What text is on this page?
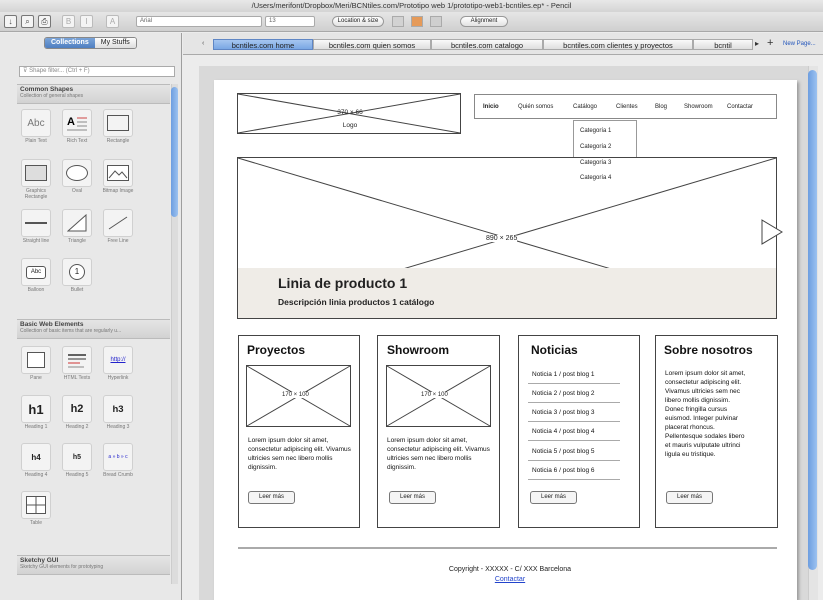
/Users/merifont/Dropbox/Meri/BCNtiles.com/Prototipo web 1/prototipo-web1-bcntiles.ep* - Pencil
↓	⌕	⎙	B	I	A	Arial	13	Location & size	Alignment
Collections	My Stuffs
⊽ Shape filter... (Ctrl + F)
Common Shapes
Collection of general shapes
Abc
Plain Text
A
Rich Text	Rectangle
Graphics Rectangle
Oval	Bitmap Image
Straight line	Triangle	Free Line
Abc
Balloon
1
Bullet
Basic Web Elements
Collection of basic items that are regularly u...
Pane	HTML Texts
http://
Hyperlink
h1
Heading 1
h2
Heading 2
h3
Heading 3
h4
Heading 4
h5
Heading 5
a » b » c
Bread Crumb
Table
Sketchy GUI
Sketchy GUI elements for prototyping
‹	bcntiles.com home	bcntiles.com quien somos	bcntiles.com catalogo	bcntiles.com clientes y proyectos	bcntil	▸ + New Page...
370 × 66
Logo
Inicio	Quién somos	Catálogo	Clientes	Blog	Showroom Contactar
Categoría 1
Categoría 2
Categoría 3
Categoría 4
890 × 265
Linia de producto 1
Descripción linia productos 1 catálogo
Proyectos
170 × 100
Lorem ipsum dolor sit amet, consectetur adipiscing elit. Vivamus ultricies sem nec libero mollis dignissim.
Leer más
Showroom
170 × 100
Lorem ipsum dolor sit amet, consectetur adipiscing elit. Vivamus ultricies sem nec libero mollis dignissim.
Leer más
Noticias
Noticia 1 / post blog 1
Noticia 2 / post blog 2
Noticia 3 / post blog 3
Noticia 4 / post blog 4
Noticia 5 / post blog 5
Noticia 6 / post blog 6
Leer más
Sobre nosotros
Lorem ipsum dolor sit amet, consectetur adipiscing elit. Vivamus ultricies sem nec libero mollis dignissim. Donec fringilla cursus euismod. Integer pulvinar placerat rhoncus. Pellentesque sodales libero et mauris vulputate ultrinci ligula eu tristique.
Leer más
Copyright - XXXXX - C/ XXX Barcelona
Contactar
